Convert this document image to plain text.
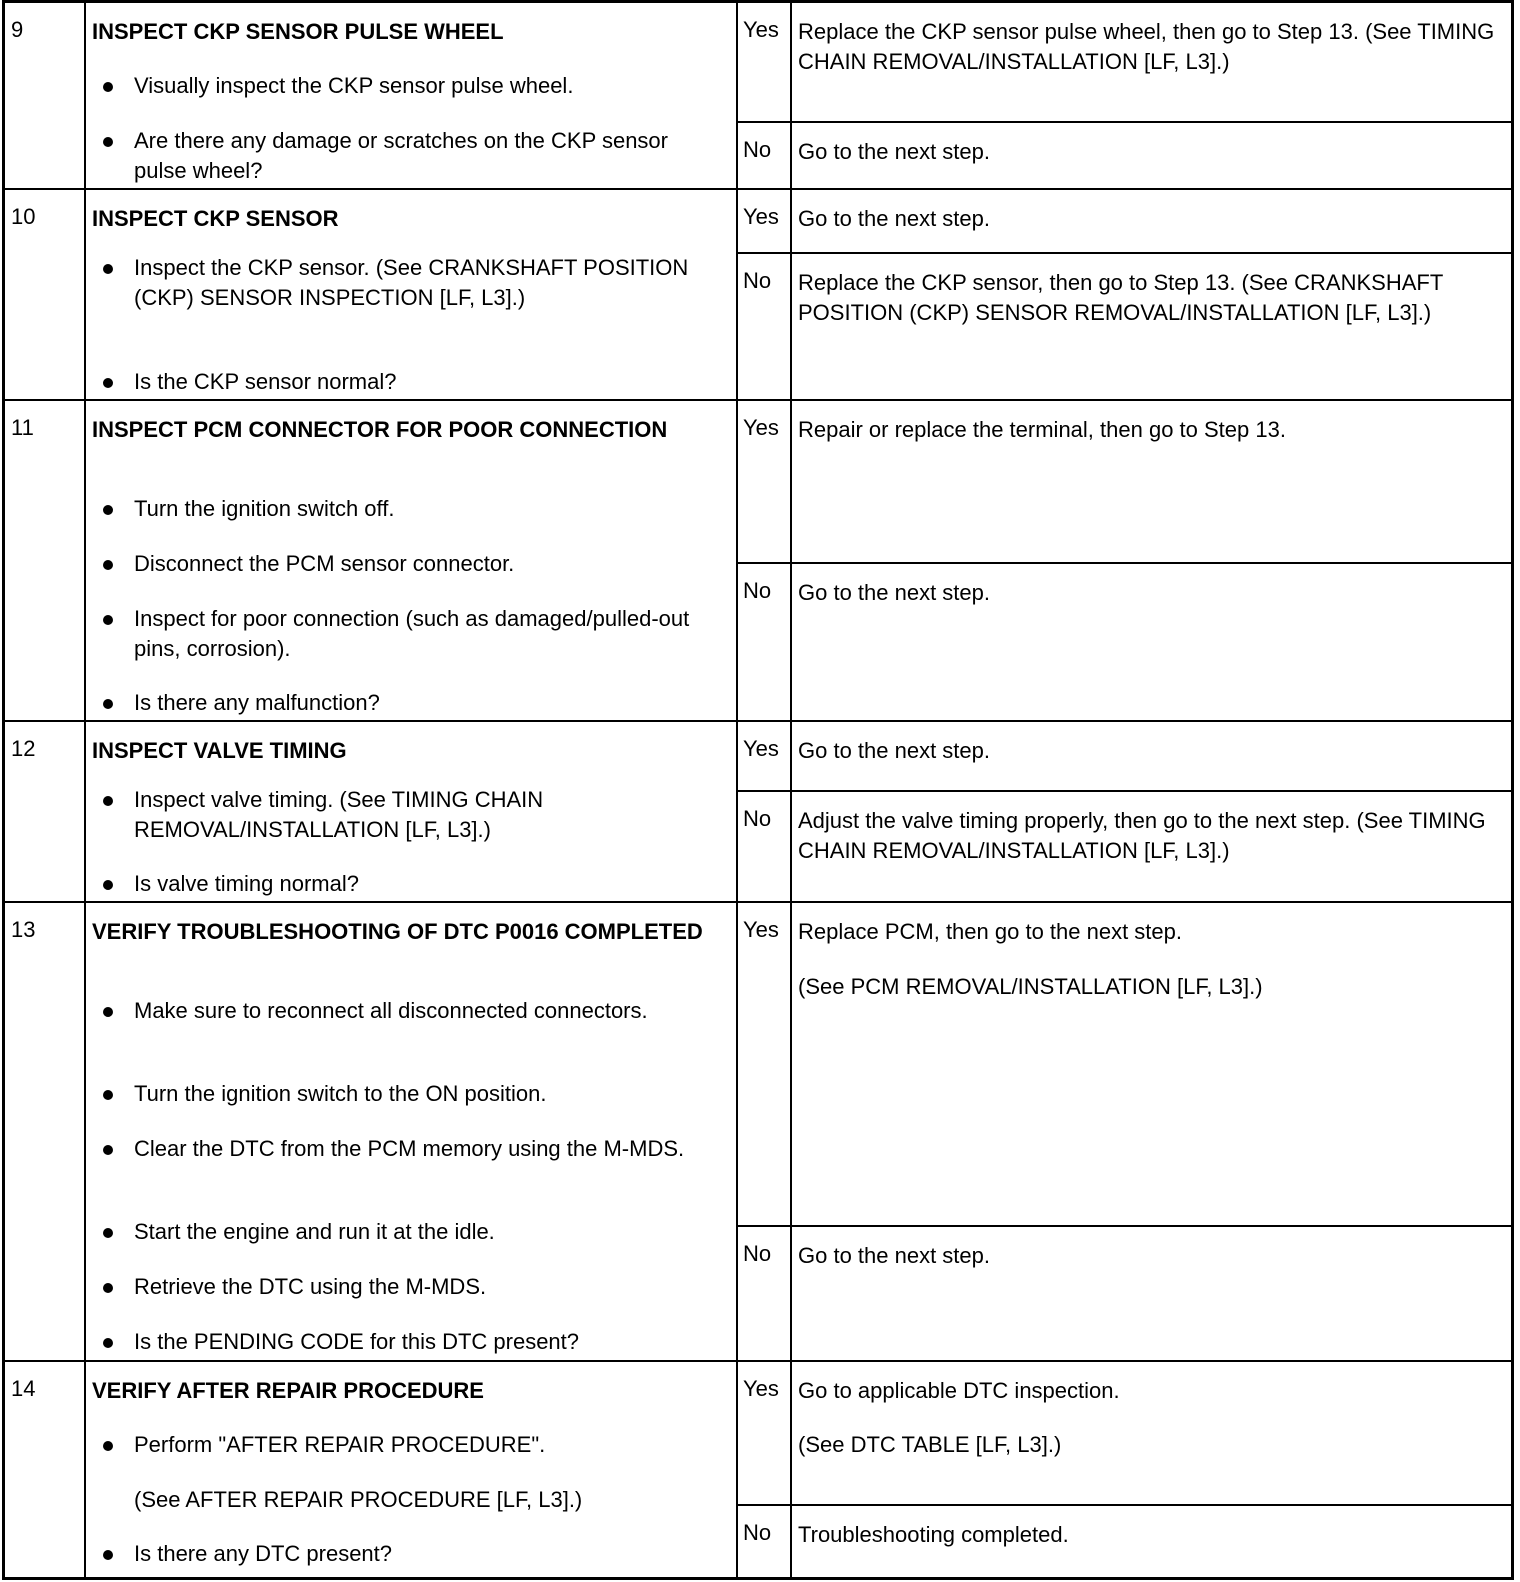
9	INSPECT CKP SENSOR PULSE WHEEL
Visually inspect the CKP sensor pulse wheel.
Are there any damage or scratches on the CKP sensor pulse wheel?
Yes Replace the CKP sensor pulse wheel, then go to Step 13. (See TIMING CHAIN REMOVAL/INSTALLATION [LF, L3].)
No Go to the next step.
10	INSPECT CKP SENSOR
Inspect the CKP sensor. (See CRANKSHAFT POSITION (CKP) SENSOR INSPECTION [LF, L3].)
Is the CKP sensor normal?
Yes Go to the next step.
No Replace the CKP sensor, then go to Step 13. (See CRANKSHAFT POSITION (CKP) SENSOR REMOVAL/INSTALLATION [LF, L3].)
11	INSPECT PCM CONNECTOR FOR POOR CONNECTION
Turn the ignition switch off.
Disconnect the PCM sensor connector.
Inspect for poor connection (such as damaged/pulled-out pins, corrosion).
Is there any malfunction?
Yes Repair or replace the terminal, then go to Step 13.
No Go to the next step.
12	INSPECT VALVE TIMING
Inspect valve timing. (See TIMING CHAIN REMOVAL/INSTALLATION [LF, L3].)
Is valve timing normal?
Yes Go to the next step.
No Adjust the valve timing properly, then go to the next step. (See TIMING CHAIN REMOVAL/INSTALLATION [LF, L3].)
13	VERIFY TROUBLESHOOTING OF DTC P0016 COMPLETED
Make sure to reconnect all disconnected connectors.
Turn the ignition switch to the ON position.
Clear the DTC from the PCM memory using the M-MDS.
Start the engine and run it at the idle.
Retrieve the DTC using the M-MDS.
Is the PENDING CODE for this DTC present?
Yes Replace PCM, then go to the next step.
(See PCM REMOVAL/INSTALLATION [LF, L3].)
No Go to the next step.
14	VERIFY AFTER REPAIR PROCEDURE
Perform "AFTER REPAIR PROCEDURE".
(See AFTER REPAIR PROCEDURE [LF, L3].)
Is there any DTC present?
Yes Go to applicable DTC inspection.
(See DTC TABLE [LF, L3].)
No Troubleshooting completed.
